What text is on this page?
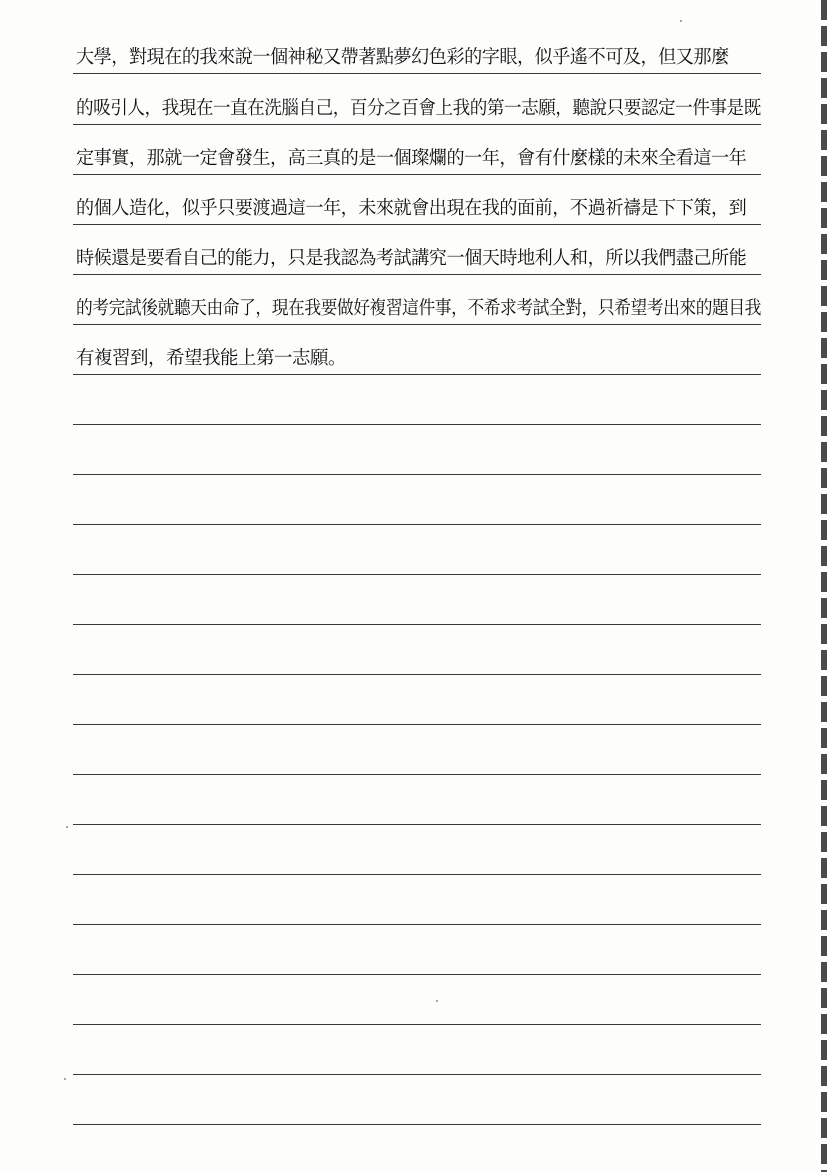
大學，對現在的我來說一個神秘又帶著點夢幻色彩的字眼，似乎遙不可及，但又那麼
的吸引人，我現在一直在洗腦自己，百分之百會上我的第一志願，聽說只要認定一件事是既
定事實，那就一定會發生，高三真的是一個璨爛的一年，會有什麼樣的未來全看這一年
的個人造化，似乎只要渡過這一年，未來就會出現在我的面前，不過祈禱是下下策，到
時候還是要看自己的能力，只是我認為考試講究一個天時地利人和，所以我們盡己所能
的考完試後就聽天由命了，現在我要做好複習這件事，不希求考試全對，只希望考出來的題目我
有複習到，希望我能上第一志願。
